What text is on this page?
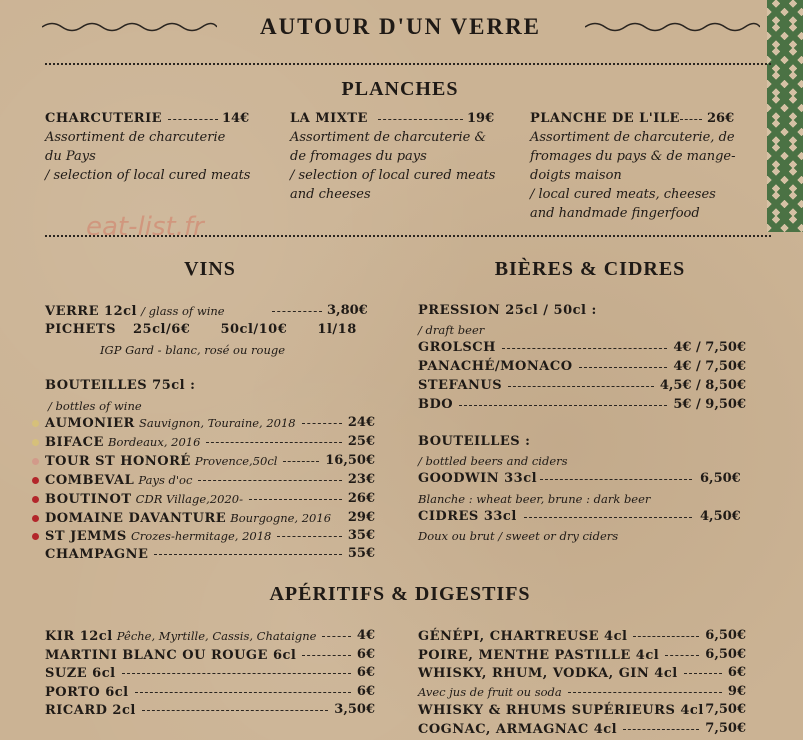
AUTOUR D'UN VERRE
PLANCHES
CHARCUTERIE	14€
Assortiment de charcuterie
du Pays
/ selection of local cured meats
LA MIXTE	19€
Assortiment de charcuterie &
de fromages du pays
/ selection of local cured meats
and cheeses
PLANCHE DE L'ILE 26€
Assortiment de charcuterie, de
fromages du pays & de mange-
doigts maison
/ local cured meats, cheeses
and handmade fingerfood
eat-list.fr
VINS
VERRE 12cl / glass of wine	3,80€
PICHETS 25cl/6€      50cl/10€      1l/18
IGP Gard - blanc, rosé ou rouge
BOUTEILLES 75cl :
/ bottles of wine
AUMONIER Sauvignon, Touraine, 2018	24€
BIFACE Bordeaux, 2016	25€
TOUR ST HONORÉ Provence,50cl	16,50€
COMBEVAL Pays d'oc	23€
BOUTINOT CDR Village,2020-	26€
DOMAINE DAVANTURE Bourgogne, 2016 29€
ST JEMMS Crozes-hermitage, 2018	35€
CHAMPAGNE	55€
BIÈRES & CIDRES
PRESSION 25cl / 50cl :
/ draft beer
GROLSCH	4€ / 7,50€
PANACHÉ/MONACO	4€ / 7,50€
STEFANUS	4,5€ / 8,50€
BDO	5€ / 9,50€
BOUTEILLES :
/ bottled beers and ciders
GOODWIN 33cl	6,50€
Blanche : wheat beer, brune : dark beer
CIDRES 33cl	4,50€
Doux ou brut / sweet or dry ciders
APÉRITIFS & DIGESTIFS
KIR 12cl Pêche, Myrtille, Cassis, Chataigne	4€
MARTINI BLANC OU ROUGE 6cl	6€
SUZE 6cl	6€
PORTO 6cl	6€
RICARD 2cl	3,50€
GÉNÉPI, CHARTREUSE 4cl	6,50€
POIRE, MENTHE PASTILLE 4cl	6,50€
WHISKY, RHUM, VODKA, GIN 4cl	6€
Avec jus de fruit ou soda	9€
WHISKY & RHUMS SUPÉRIEURS 4cl 7,50€
COGNAC, ARMAGNAC 4cl	7,50€
